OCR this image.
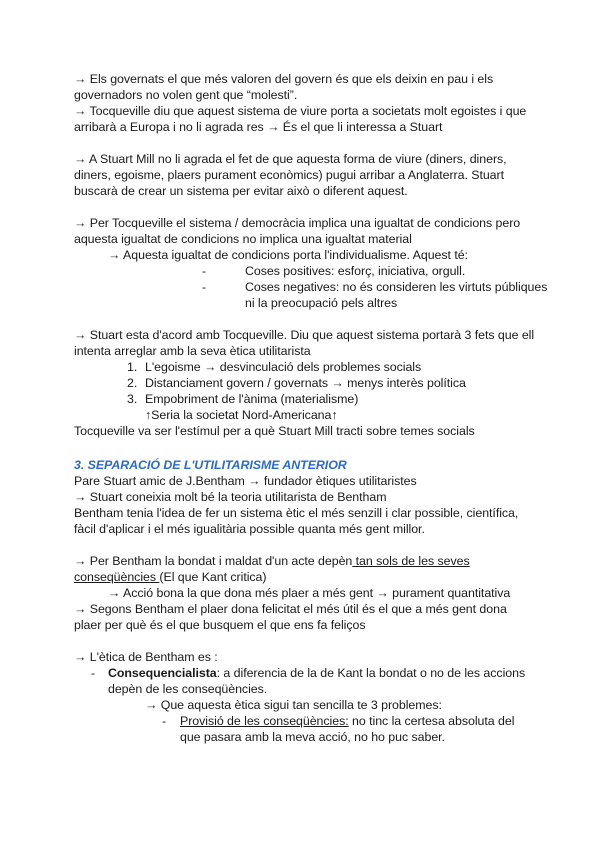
→ Els governats el que més valoren del govern és que els deixin en pau i els
governadors no volen gent que “molesti”.
→ Tocqueville diu que aquest sistema de viure porta a societats molt egoistes i que
arribarà a Europa i no li agrada res → És el que li interessa a Stuart
→ A Stuart Mill no li agrada el fet de que aquesta forma de viure (diners, diners,
diners, egoisme, plaers purament econòmics) pugui arribar a Anglaterra. Stuart
buscarà de crear un sistema per evitar això o diferent aquest.
→ Per Tocqueville el sistema / democràcia implica una igualtat de condicions pero
aquesta igualtat de condicions no implica una igualtat material
→ Aquesta igualtat de condicions porta l'individualisme. Aquest té:
-	Coses positives: esforç, iniciativa, orgull.
-	Coses negatives: no és consideren les virtuts públiques
ni la preocupació pels altres
→ Stuart esta d'acord amb Tocqueville. Diu que aquest sistema portarà 3 fets que ell
intenta arreglar amb la seva ètica utilitarista
1. L'egoisme → desvinculació dels problemes socials
2. Distanciament govern / governats → menys interès política
3. Empobriment de l'ànima (materialisme)
↑Seria la societat Nord-Americana↑
Tocqueville va ser l'estímul per a què Stuart Mill tracti sobre temes socials
3. SEPARACIÓ DE L'UTILITARISME ANTERIOR
Pare Stuart amic de J.Bentham → fundador ètiques utilitaristes
→ Stuart coneixia molt bé la teoria utilitarista de Bentham
Bentham tenia l'idea de fer un sistema ètic el més senzill i clar possible, científica,
fàcil d'aplicar i el més igualitària possible quanta més gent millor.
→ Per Bentham la bondat i maldat d'un acte depèn tan sols de les seves
conseqüències (El que Kant critica)
→ Acció bona la que dona més plaer a més gent → purament quantitativa
→ Segons Bentham el plaer dona felicitat el més útil és el que a més gent dona
plaer per què és el que busquem el que ens fa feliços
→ L'ètica de Bentham es :
- Consequencialista: a diferencia de la de Kant la bondat o no de les accions
depèn de les conseqüències.
→ Que aquesta ètica sigui tan sencilla te 3 problemes:
- Provisió de les conseqüències: no tinc la certesa absoluta del
que pasara amb la meva acció, no ho puc saber.
